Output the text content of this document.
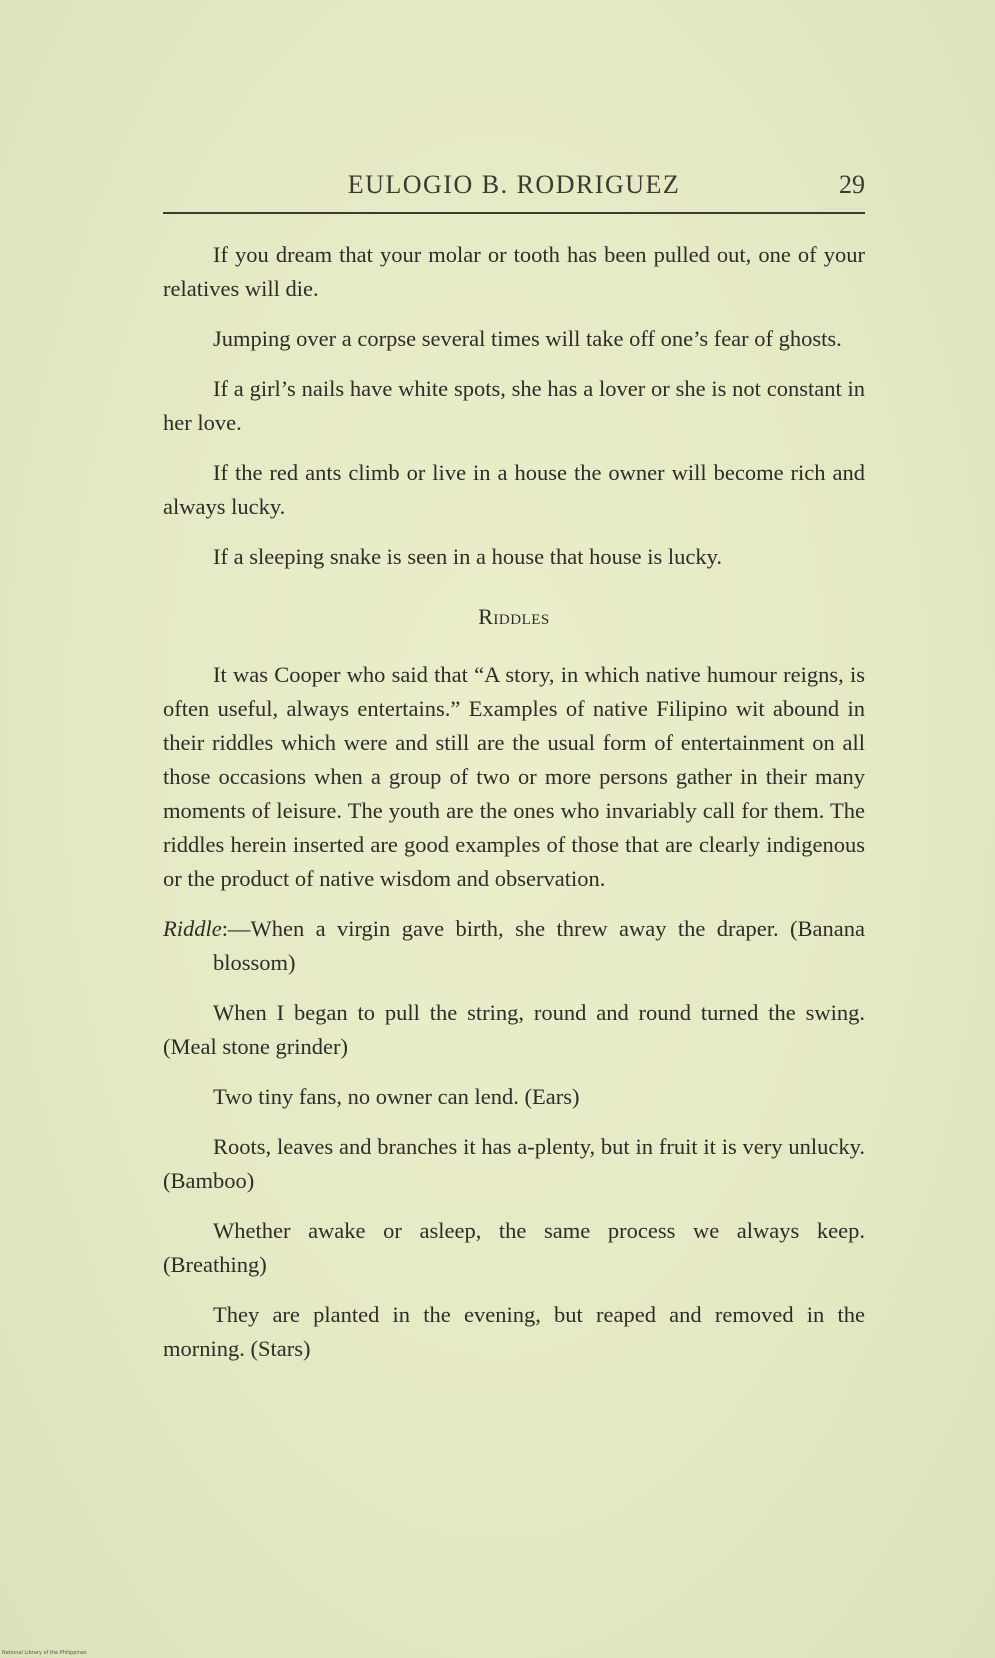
EULOGIO B. RODRIGUEZ	29

If you dream that your molar or tooth has been pulled out, one of your relatives will die.

Jumping over a corpse several times will take off one’s fear of ghosts.

If a girl’s nails have white spots, she has a lover or she is not constant in her love.

If the red ants climb or live in a house the owner will become rich and always lucky.

If a sleeping snake is seen in a house that house is lucky.

Riddles

It was Cooper who said that “A story, in which native humour reigns, is often useful, always entertains.” Examples of native Filipino wit abound in their riddles which were and still are the usual form of entertainment on all those occasions when a group of two or more persons gather in their many moments of leisure. The youth are the ones who invariably call for them. The riddles herein inserted are good examples of those that are clearly indigenous or the product of native wisdom and observation.

Riddle:—When a virgin gave birth, she threw away the draper. (Banana blossom)

When I began to pull the string, round and round turned the swing. (Meal stone grinder)

Two tiny fans, no owner can lend. (Ears)

Roots, leaves and branches it has a-plenty, but in fruit it is very unlucky. (Bamboo)

Whether awake or asleep, the same process we always keep. (Breathing)

They are planted in the evening, but reaped and removed in the morning. (Stars)

National Library of the Philippines
